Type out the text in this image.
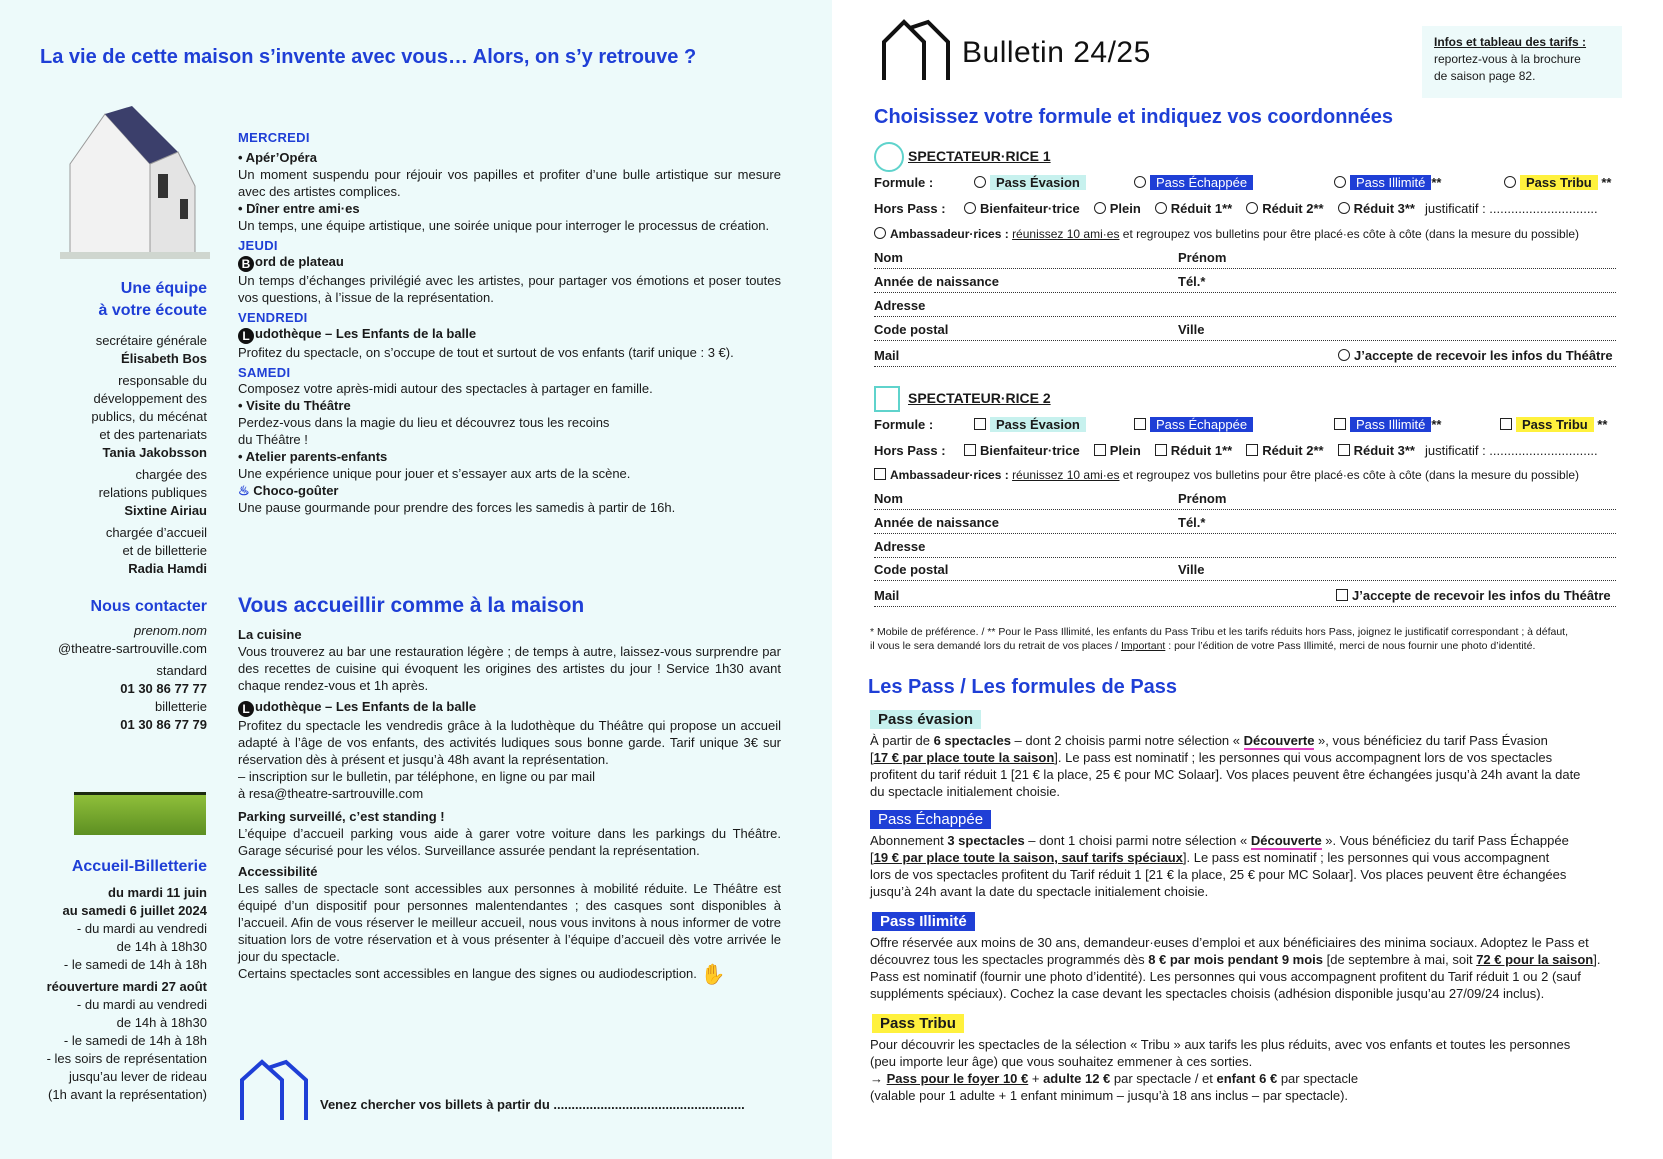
La vie de cette maison s’invente avec vous… Alors, on s’y retrouve ?
Une équipe
à votre écoute
secrétaire générale
Élisabeth Bos
responsable du
développement des
publics, du mécénat
et des partenariats
Tania Jakobsson
chargée des
relations publiques
Sixtine Airiau
chargée d’accueil
et de billetterie
Radia Hamdi
Nous contacter
prenom.nom
@theatre-sartrouville.com
standard
01 30 86 77 77
billetterie
01 30 86 77 79
Accueil-Billetterie
du mardi 11 juin
au samedi 6 juillet 2024
- du mardi au vendredi
de 14h à 18h30
- le samedi de 14h à 18h
réouverture mardi 27 août
- du mardi au vendredi
de 14h à 18h30
- le samedi de 14h à 18h
- les soirs de représentation
jusqu’au lever de rideau
(1h avant la représentation)
MERCREDI
• Apér’Opéra
Un moment suspendu pour réjouir vos papilles et profiter d’une bulle artistique sur mesure avec des artistes complices.
• Dîner entre ami·es
Un temps, une équipe artistique, une soirée unique pour interroger le processus de création.
JEUDI
B ord de plateau
Un temps d’échanges privilégié avec les artistes, pour partager vos émotions et poser toutes vos questions, à l’issue de la représentation.
VENDREDI
L udothèque – Les Enfants de la balle
Profitez du spectacle, on s’occupe de tout et surtout de vos enfants (tarif unique : 3 €).
SAMEDI
Composez votre après-midi autour des spectacles à partager en famille.
• Visite du Théâtre
Perdez-vous dans la magie du lieu et découvrez tous les recoins
du Théâtre !
• Atelier parents-enfants
Une expérience unique pour jouer et s’essayer aux arts de la scène.
♨ Choco-goûter
Une pause gourmande pour prendre des forces les samedis à partir de 16h.
Vous accueillir comme à la maison
La cuisine
Vous trouverez au bar une restauration légère ; de temps à autre, laissez-vous surprendre par des recettes de cuisine qui évoquent les origines des artistes du jour ! Service 1h30 avant chaque rendez-vous et 1h après.
L udothèque – Les Enfants de la balle
Profitez du spectacle les vendredis grâce à la ludothèque du Théâtre qui propose un accueil adapté à l’âge de vos enfants, des activités ludiques sous bonne garde. Tarif unique 3€ sur réservation dès à présent et jusqu’à 48h avant la représentation.
– inscription sur le bulletin, par téléphone, en ligne ou par mail
à resa@theatre-sartrouville.com
Parking surveillé, c’est standing !
L’équipe d’accueil parking vous aide à garer votre voiture dans les parkings du Théâtre. Garage sécurisé pour les vélos. Surveillance assurée pendant la représentation.
Accessibilité
Les salles de spectacle sont accessibles aux personnes à mobilité réduite. Le Théâtre est équipé d’un dispositif pour personnes malentendantes ; des casques sont disponibles à l’accueil. Afin de vous réserver le meilleur accueil, nous vous invitons à nous informer de votre situation lors de votre réservation et à vous présenter à l’équipe d’accueil dès votre arrivée le jour du spectacle.
Certains spectacles sont accessibles en langue des signes ou audiodescription. ✋
Venez chercher vos billets à partir du .....................................................
Bulletin 24/25	Infos et tableau des tarifs :
reportez-vous à la brochure
de saison page 82.
Choisissez votre formule et indiquez vos coordonnées
SPECTATEUR·RICE 1
Formule :	Pass Évasion	Pass Échappée	Pass Illimité **	Pass Tribu **
Hors Pass :	Bienfaiteur·trice Plein Réduit 1** Réduit 2** Réduit 3** justificatif : ..............................
Ambassadeur·rices : réunissez 10 ami·es et regroupez vos bulletins pour être placé·es côte à côte (dans la mesure du possible)
Nom	Prénom
Année de naissance	Tél.*
Adresse
Code postal	Ville
Mail	J’accepte de recevoir les infos du Théâtre
SPECTATEUR·RICE 2
Formule :	Pass Évasion	Pass Échappée	Pass Illimité **	Pass Tribu **
Hors Pass :	Bienfaiteur·trice Plein Réduit 1** Réduit 2** Réduit 3** justificatif : ..............................
Ambassadeur·rices : réunissez 10 ami·es et regroupez vos bulletins pour être placé·es côte à côte (dans la mesure du possible)
Nom	Prénom
Année de naissance	Tél.*
Adresse
Code postal	Ville
Mail	J’accepte de recevoir les infos du Théâtre
* Mobile de préférence. / ** Pour le Pass Illimité, les enfants du Pass Tribu et les tarifs réduits hors Pass, joignez le justificatif correspondant ; à défaut,
il vous le sera demandé lors du retrait de vos places / Important : pour l’édition de votre Pass Illimité, merci de nous fournir une photo d’identité.
Les Pass / Les formules de Pass
Pass évasion
À partir de 6 spectacles – dont 2 choisis parmi notre sélection « Découverte », vous bénéficiez du tarif Pass Évasion
[17 € par place toute la saison]. Le pass est nominatif ; les personnes qui vous accompagnent lors de vos spectacles
profitent du tarif réduit 1 [21 € la place, 25 € pour MC Solaar]. Vos places peuvent être échangées jusqu’à 24h avant la date
du spectacle initialement choisie.
Pass Échappée
Abonnement 3 spectacles – dont 1 choisi parmi notre sélection « Découverte ». Vous bénéficiez du tarif Pass Échappée
[19 € par place toute la saison, sauf tarifs spéciaux]. Le pass est nominatif ; les personnes qui vous accompagnent
lors de vos spectacles profitent du Tarif réduit 1 [21 € la place, 25 € pour MC Solaar]. Vos places peuvent être échangées
jusqu’à 24h avant la date du spectacle initialement choisie.
Pass Illimité
Offre réservée aux moins de 30 ans, demandeur·euses d’emploi et aux bénéficiaires des minima sociaux. Adoptez le Pass et
découvrez tous les spectacles programmés dès 8 € par mois pendant 9 mois [de septembre à mai, soit 72 € pour la saison].
Pass est nominatif (fournir une photo d’identité). Les personnes qui vous accompagnent profitent du Tarif réduit 1 ou 2 (sauf
suppléments spéciaux). Cochez la case devant les spectacles choisis (adhésion disponible jusqu’au 27/09/24 inclus).
Pass Tribu
Pour découvrir les spectacles de la sélection « Tribu » aux tarifs les plus réduits, avec vos enfants et toutes les personnes
(peu importe leur âge) que vous souhaitez emmener à ces sorties.
→ Pass pour le foyer 10 € + adulte 12 € par spectacle / et enfant 6 € par spectacle
(valable pour 1 adulte + 1 enfant minimum – jusqu’à 18 ans inclus – par spectacle).
